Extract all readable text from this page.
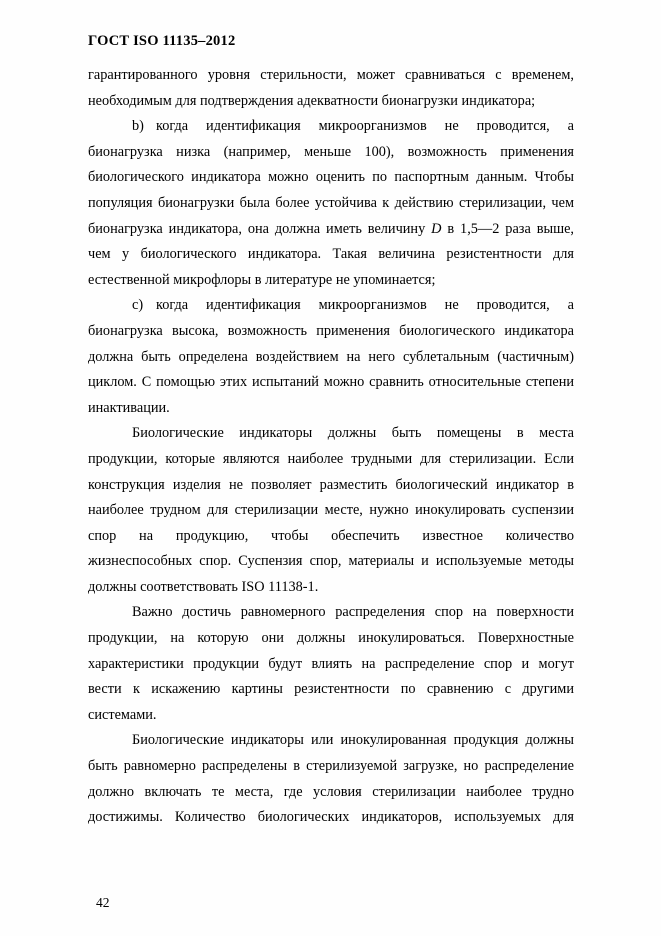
ГОСТ ISO 11135–2012

гарантированного уровня стерильности, может сравниваться с временем,
необходимым для подтверждения адекватности бионагрузки индикатора;

b) когда идентификация микроорганизмов не проводится, а
бионагрузка низка (например, меньше 100), возможность применения
биологического индикатора можно оценить по паспортным данным. Чтобы
популяция бионагрузки была более устойчива к действию стерилизации, чем
бионагрузка индикатора, она должна иметь величину D в 1,5—2 раза выше,
чем у биологического индикатора. Такая величина резистентности для
естественной микрофлоры в литературе не упоминается;

c) когда идентификация микроорганизмов не проводится, а
бионагрузка высока, возможность применения биологического индикатора
должна быть определена воздействием на него сублетальным (частичным)
циклом. С помощью этих испытаний можно сравнить относительные степени
инактивации.

Биологические индикаторы должны быть помещены в места
продукции, которые являются наиболее трудными для стерилизации. Если
конструкция изделия не позволяет разместить биологический индикатор в
наиболее трудном для стерилизации месте, нужно инокулировать суспензии
спор на продукцию, чтобы обеспечить известное количество
жизнеспособных спор. Суспензия спор, материалы и используемые методы
должны соответствовать ISO 11138-1.

Важно достичь равномерного распределения спор на поверхности
продукции, на которую они должны инокулироваться. Поверхностные
характеристики продукции будут влиять на распределение спор и могут
вести к искажению картины резистентности по сравнению с другими
системами.

Биологические индикаторы или инокулированная продукция должны
быть равномерно распределены в стерилизуемой загрузке, но распределение
должно включать те места, где условия стерилизации наиболее трудно
достижимы. Количество биологических индикаторов, используемых для

42
